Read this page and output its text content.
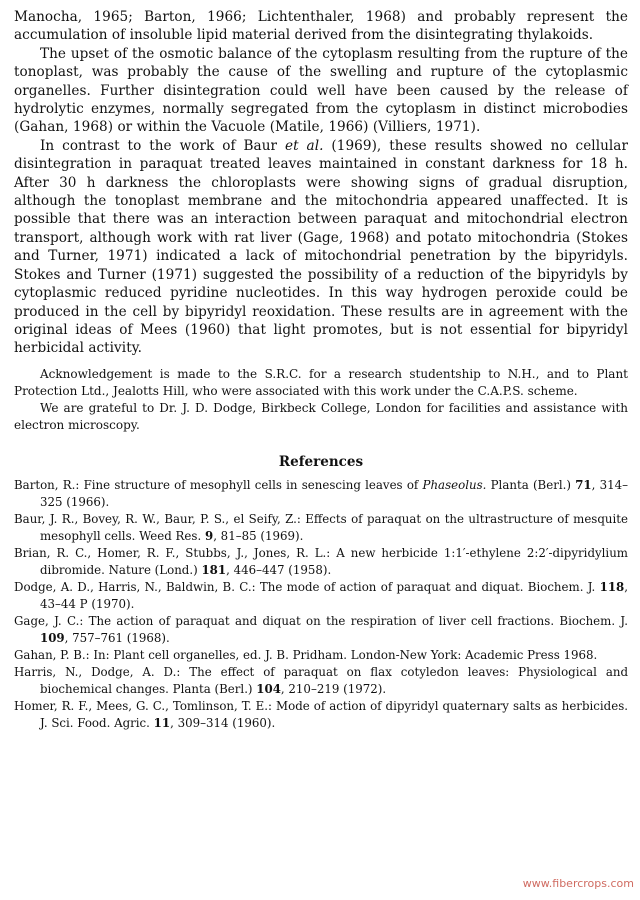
Manocha, 1965; Barton, 1966; Lichtenthaler, 1968) and probably represent the accumulation of insoluble lipid material derived from the disintegrating thylakoids.

The upset of the osmotic balance of the cytoplasm resulting from the rupture of the tonoplast, was probably the cause of the swelling and rupture of the cytoplasmic organelles. Further disintegration could well have been caused by the release of hydrolytic enzymes, normally segregated from the cytoplasm in distinct microbodies (Gahan, 1968) or within the Vacuole (Matile, 1966) (Villiers, 1971).

In contrast to the work of Baur et al. (1969), these results showed no cellular disintegration in paraquat treated leaves maintained in constant darkness for 18 h. After 30 h darkness the chloroplasts were showing signs of gradual disruption, although the tonoplast membrane and the mitochondria appeared unaffected. It is possible that there was an interaction between paraquat and mitochondrial electron transport, although work with rat liver (Gage, 1968) and potato mitochondria (Stokes and Turner, 1971) indicated a lack of mitochondrial penetration by the bipyridyls. Stokes and Turner (1971) suggested the possibility of a reduction of the bipyridyls by cytoplasmic reduced pyridine nucleotides. In this way hydrogen peroxide could be produced in the cell by bipyridyl reoxidation. These results are in agreement with the original ideas of Mees (1960) that light promotes, but is not essential for bipyridyl herbicidal activity.

Acknowledgement is made to the S.R.C. for a research studentship to N.H., and to Plant Protection Ltd., Jealotts Hill, who were associated with this work under the C.A.P.S. scheme.

We are grateful to Dr. J. D. Dodge, Birkbeck College, London for facilities and assistance with electron microscopy.

References

Barton, R.: Fine structure of mesophyll cells in senescing leaves of Phaseolus. Planta (Berl.) 71, 314–325 (1966).

Baur, J. R., Bovey, R. W., Baur, P. S., el Seify, Z.: Effects of paraquat on the ultrastructure of mesquite mesophyll cells. Weed Res. 9, 81–85 (1969).

Brian, R. C., Homer, R. F., Stubbs, J., Jones, R. L.: A new herbicide 1:1′-ethylene 2:2′-dipyridylium dibromide. Nature (Lond.) 181, 446–447 (1958).

Dodge, A. D., Harris, N., Baldwin, B. C.: The mode of action of paraquat and diquat. Biochem. J. 118, 43–44 P (1970).

Gage, J. C.: The action of paraquat and diquat on the respiration of liver cell fractions. Biochem. J. 109, 757–761 (1968).

Gahan, P. B.: In: Plant cell organelles, ed. J. B. Pridham. London-New York: Academic Press 1968.

Harris, N., Dodge, A. D.: The effect of paraquat on flax cotyledon leaves: Physiological and biochemical changes. Planta (Berl.) 104, 210–219 (1972).

Homer, R. F., Mees, G. C., Tomlinson, T. E.: Mode of action of dipyridyl quaternary salts as herbicides. J. Sci. Food. Agric. 11, 309–314 (1960).

www.fibercrops.com
